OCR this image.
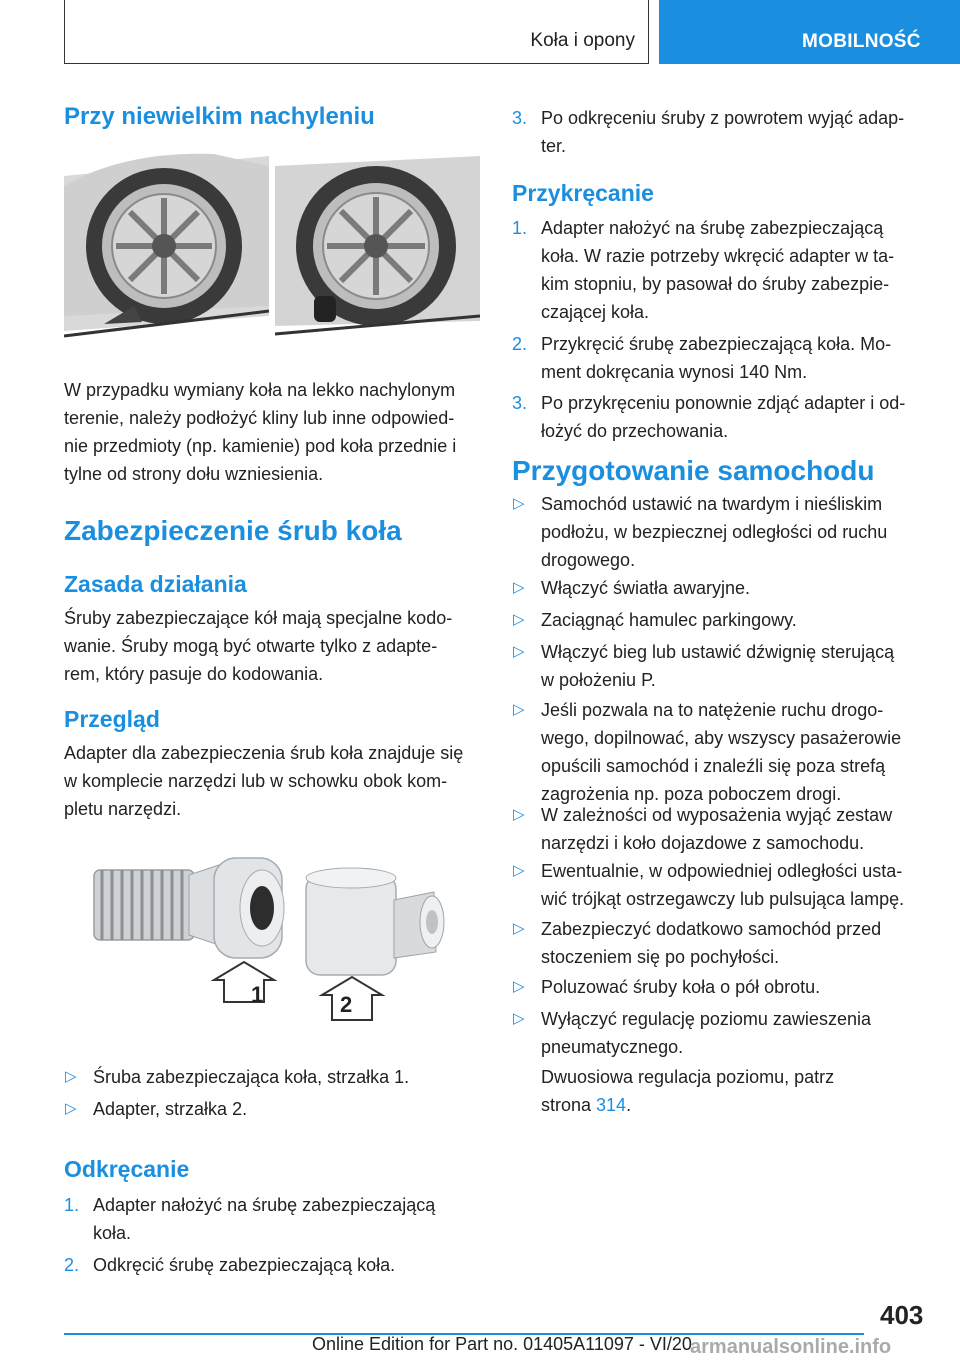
Koła i opony	MOBILNOŚĆ
Przy niewielkim nachyleniu
W przypadku wymiany koła na lekko nachylonym
terenie, należy podłożyć kliny lub inne odpowied‐
nie przedmioty (np. kamienie) pod koła przednie i
tylne od strony dołu wzniesienia.
Zabezpieczenie śrub koła
Zasada działania
Śruby zabezpieczające kół mają specjalne kodo‐
wanie. Śruby mogą być otwarte tylko z adapte‐
rem, który pasuje do kodowania.
Przegląd
Adapter dla zabezpieczenia śrub koła znajduje się
w komplecie narzędzi lub w schowku obok kom‐
pletu narzędzi.
1	2
▷ Śruba zabezpieczająca koła, strzałka 1.
▷ Adapter, strzałka 2.
Odkręcanie
1. Adapter nałożyć na śrubę zabezpieczającą
koła.
2. Odkręcić śrubę zabezpieczającą koła.
3. Po odkręceniu śruby z powrotem wyjąć adap‐
ter.
Przykręcanie
1. Adapter nałożyć na śrubę zabezpieczającą
koła. W razie potrzeby wkręcić adapter w ta‐
kim stopniu, by pasował do śruby zabezpie‐
czającej koła.
2. Przykręcić śrubę zabezpieczającą koła. Mo‐
ment dokręcania wynosi 140 Nm.
3. Po przykręceniu ponownie zdjąć adapter i od‐
łożyć do przechowania.
Przygotowanie samochodu
▷ Samochód ustawić na twardym i nieśliskim
podłożu, w bezpiecznej odległości od ruchu
drogowego.
▷ Włączyć światła awaryjne.
▷ Zaciągnąć hamulec parkingowy.
▷ Włączyć bieg lub ustawić dźwignię sterującą
w położeniu P.
▷ Jeśli pozwala na to natężenie ruchu drogo‐
wego, dopilnować, aby wszyscy pasażerowie
opuścili samochód i znaleźli się poza strefą
zagrożenia np. poza poboczem drogi.
▷ W zależności od wyposażenia wyjąć zestaw
narzędzi i koło dojazdowe z samochodu.
▷ Ewentualnie, w odpowiedniej odległości usta‐
wić trójkąt ostrzegawczy lub pulsująca lampę.
▷ Zabezpieczyć dodatkowo samochód przed
stoczeniem się po pochyłości.
▷ Poluzować śruby koła o pół obrotu.
▷ Wyłączyć regulację poziomu zawieszenia
pneumatycznego.
Dwuosiowa regulacja poziomu, patrz
strona 314.
403
Online Edition for Part no. 01405A11097 - VI/20
armanualsonline.info
